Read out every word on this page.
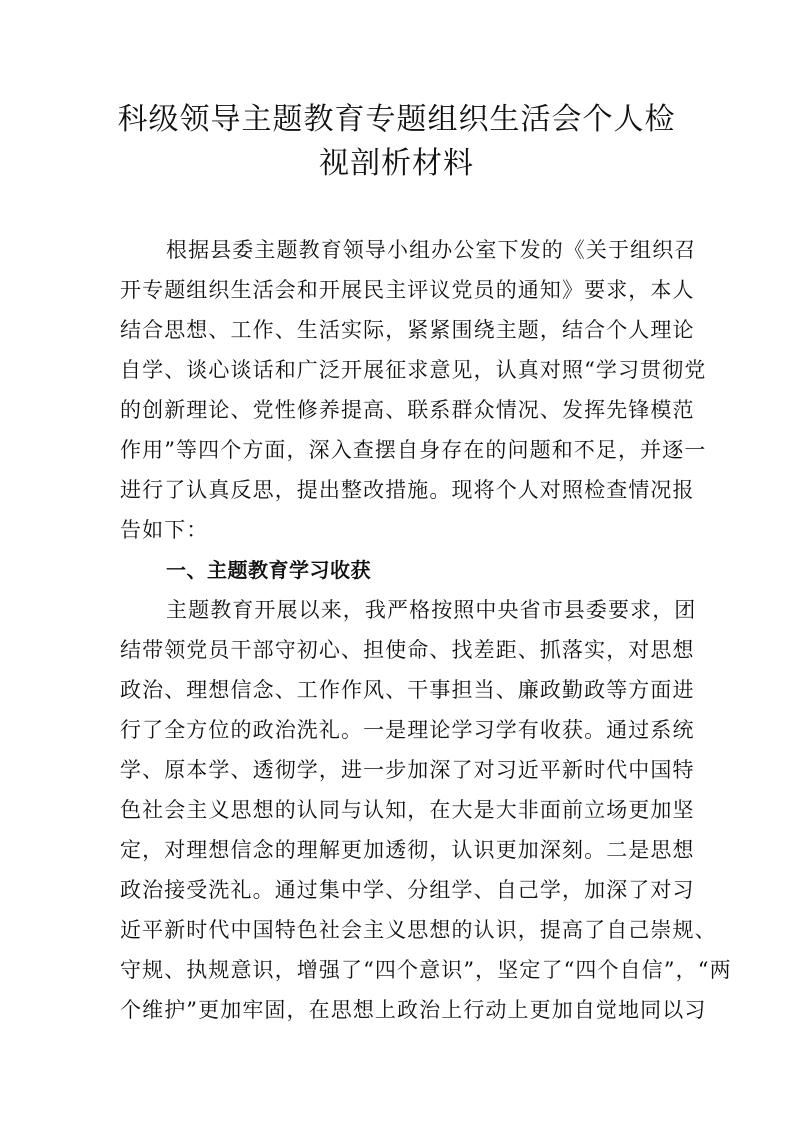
科级领导主题教育专题组织生活会个人检
视剖析材料
根据县委主题教育领导小组办公室下发的《关于组织召
开专题组织生活会和开展民主评议党员的通知》要求，本人
结合思想、工作、生活实际，紧紧围绕主题，结合个人理论
自学、谈心谈话和广泛开展征求意见，认真对照“学习贯彻党
的创新理论、党性修养提高、联系群众情况、发挥先锋模范
作用”等四个方面，深入查摆自身存在的问题和不足，并逐一
进行了认真反思，提出整改措施。现将个人对照检查情况报
告如下：
一、主题教育学习收获
主题教育开展以来，我严格按照中央省市县委要求，团
结带领党员干部守初心、担使命、找差距、抓落实，对思想
政治、理想信念、工作作风、干事担当、廉政勤政等方面进
行了全方位的政治洗礼。一是理论学习学有收获。通过系统
学、原本学、透彻学，进一步加深了对习近平新时代中国特
色社会主义思想的认同与认知，在大是大非面前立场更加坚
定，对理想信念的理解更加透彻，认识更加深刻。二是思想
政治接受洗礼。通过集中学、分组学、自己学，加深了对习
近平新时代中国特色社会主义思想的认识，提高了自己崇规、
守规、执规意识，增强了“四个意识”，坚定了“四个自信”，“两
个维护”更加牢固，在思想上政治上行动上更加自觉地同以习
